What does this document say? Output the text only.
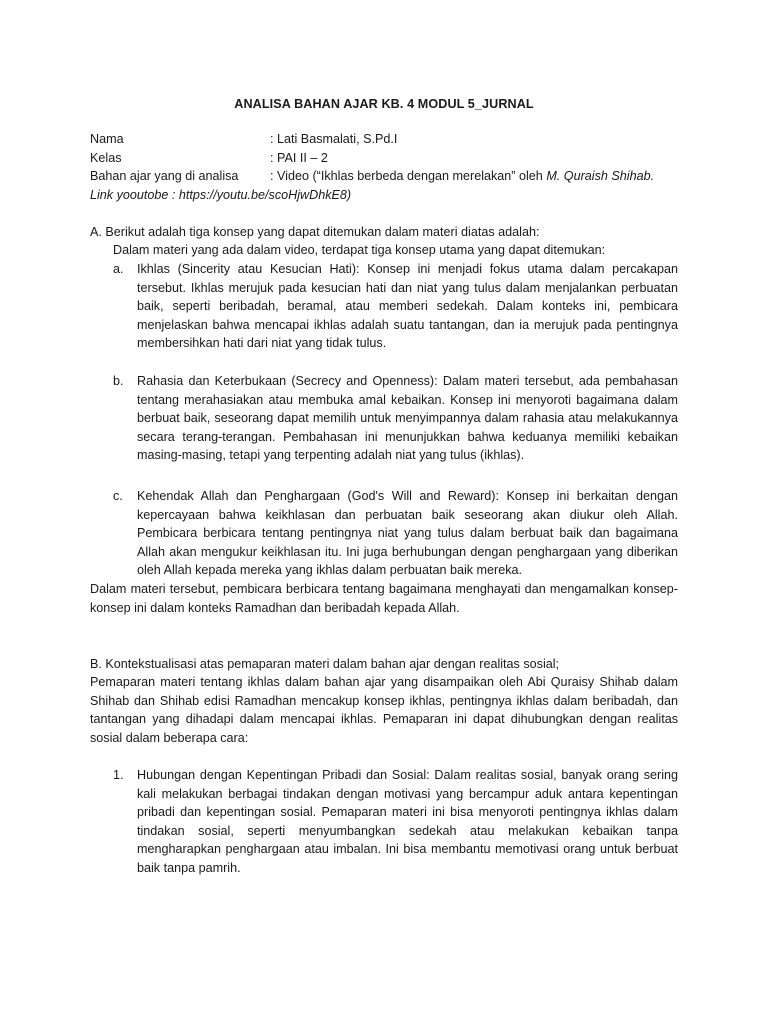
ANALISA BAHAN AJAR KB. 4 MODUL 5_JURNAL
Nama	: Lati Basmalati, S.Pd.I
Kelas	: PAI II – 2
Bahan ajar yang di analisa	: Video (“Ikhlas berbeda dengan merelakan” oleh M. Quraish Shihab.
Link yooutobe : https://youtu.be/scoHjwDhkE8)
A. Berikut adalah tiga konsep yang dapat ditemukan dalam materi diatas adalah:
Dalam materi yang ada dalam video, terdapat tiga konsep utama yang dapat ditemukan:
a. Ikhlas (Sincerity atau Kesucian Hati): Konsep ini menjadi fokus utama dalam percakapan tersebut. Ikhlas merujuk pada kesucian hati dan niat yang tulus dalam menjalankan perbuatan baik, seperti beribadah, beramal, atau memberi sedekah. Dalam konteks ini, pembicara menjelaskan bahwa mencapai ikhlas adalah suatu tantangan, dan ia merujuk pada pentingnya membersihkan hati dari niat yang tidak tulus.
b. Rahasia dan Keterbukaan (Secrecy and Openness): Dalam materi tersebut, ada pembahasan tentang merahasiakan atau membuka amal kebaikan. Konsep ini menyoroti bagaimana dalam berbuat baik, seseorang dapat memilih untuk menyimpannya dalam rahasia atau melakukannya secara terang-terangan. Pembahasan ini menunjukkan bahwa keduanya memiliki kebaikan masing-masing, tetapi yang terpenting adalah niat yang tulus (ikhlas).
c. Kehendak Allah dan Penghargaan (God's Will and Reward): Konsep ini berkaitan dengan kepercayaan bahwa keikhlasan dan perbuatan baik seseorang akan diukur oleh Allah. Pembicara berbicara tentang pentingnya niat yang tulus dalam berbuat baik dan bagaimana Allah akan mengukur keikhlasan itu. Ini juga berhubungan dengan penghargaan yang diberikan oleh Allah kepada mereka yang ikhlas dalam perbuatan baik mereka.
Dalam materi tersebut, pembicara berbicara tentang bagaimana menghayati dan mengamalkan konsep-konsep ini dalam konteks Ramadhan dan beribadah kepada Allah.
B. Kontekstualisasi atas pemaparan materi dalam bahan ajar dengan realitas sosial;
Pemaparan materi tentang ikhlas dalam bahan ajar yang disampaikan oleh Abi Quraisy Shihab dalam Shihab dan Shihab edisi Ramadhan mencakup konsep ikhlas, pentingnya ikhlas dalam beribadah, dan tantangan yang dihadapi dalam mencapai ikhlas. Pemaparan ini dapat dihubungkan dengan realitas sosial dalam beberapa cara:
1. Hubungan dengan Kepentingan Pribadi dan Sosial: Dalam realitas sosial, banyak orang sering kali melakukan berbagai tindakan dengan motivasi yang bercampur aduk antara kepentingan pribadi dan kepentingan sosial. Pemaparan materi ini bisa menyoroti pentingnya ikhlas dalam tindakan sosial, seperti menyumbangkan sedekah atau melakukan kebaikan tanpa mengharapkan penghargaan atau imbalan. Ini bisa membantu memotivasi orang untuk berbuat baik tanpa pamrih.
